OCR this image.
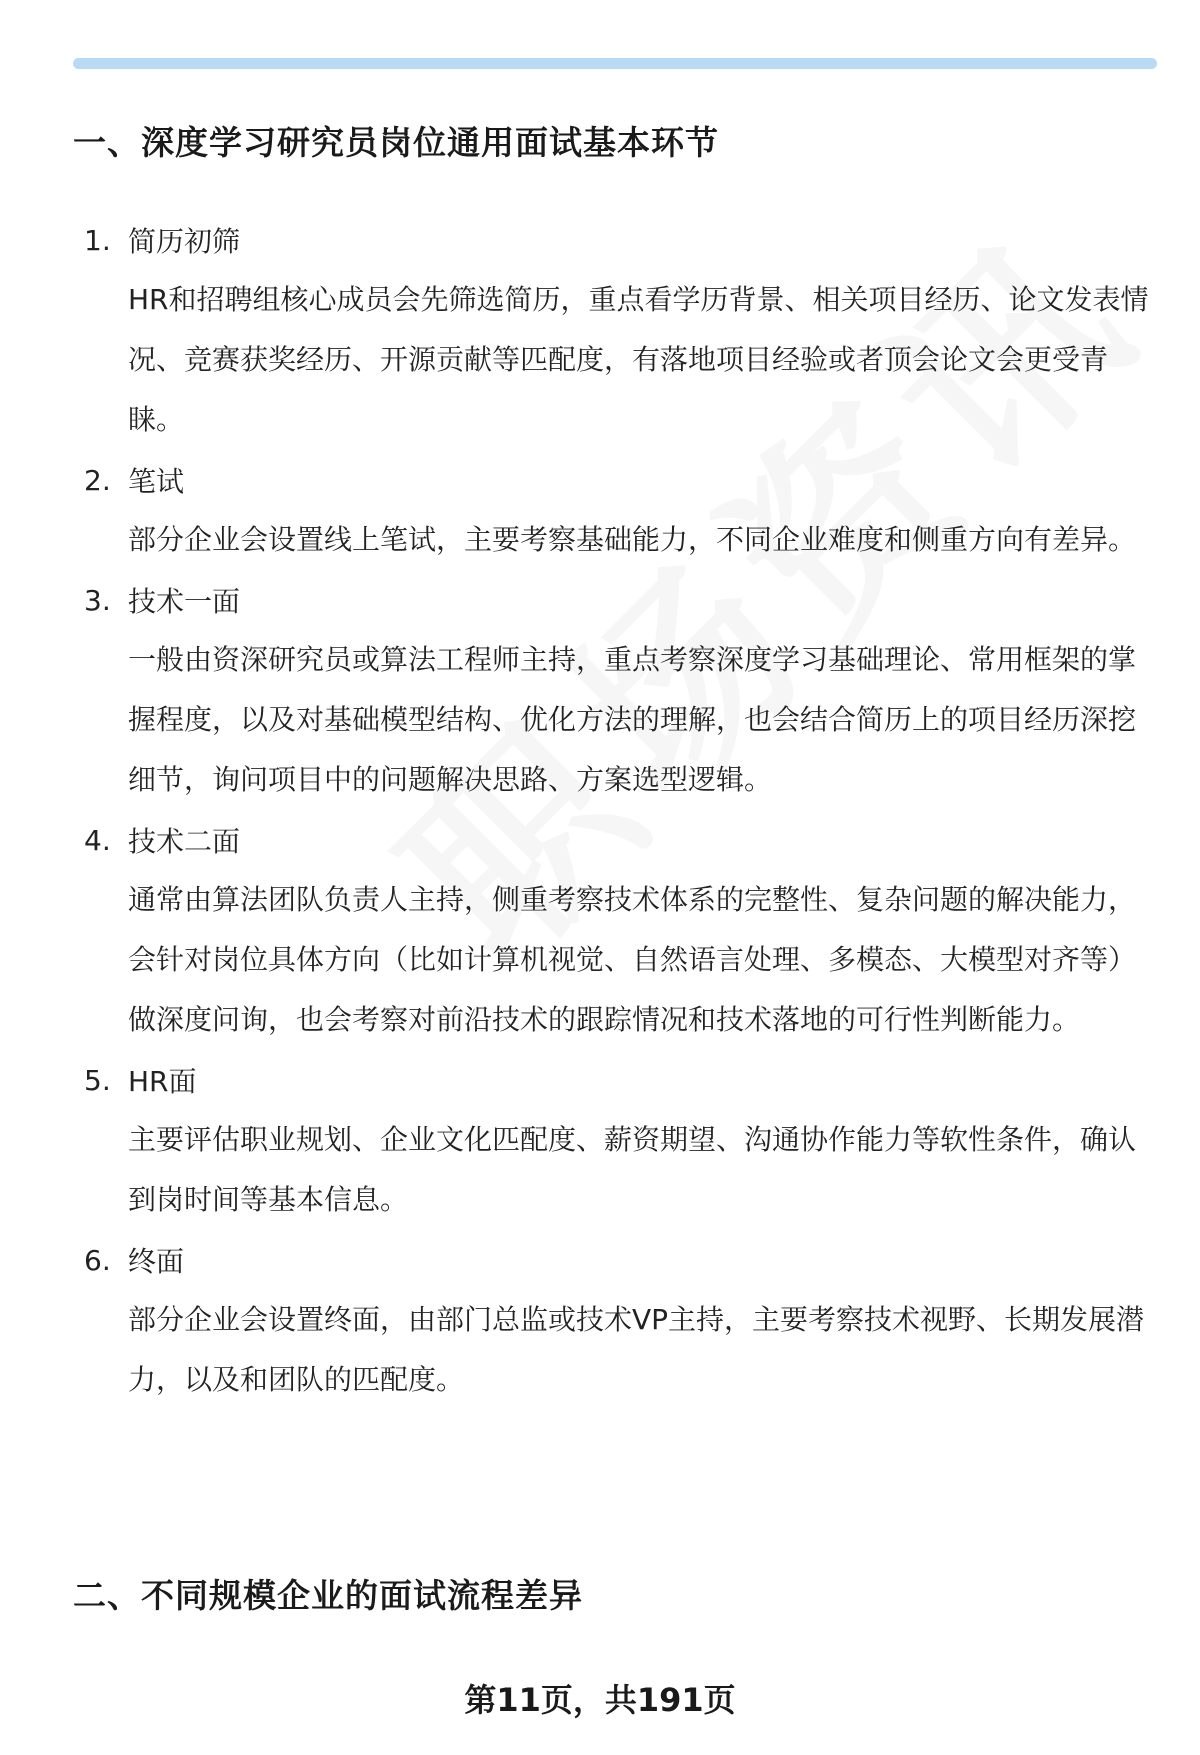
一、深度学习研究员岗位通用面试基本环节
1. 简历初筛

HR和招聘组核心成员会先筛选简历，重点看学历背景、相关项目经历、论文发表情况、竞赛获奖经历、开源贡献等匹配度，有落地项目经验或者顶会论文会更受青睐。

2. 笔试

部分企业会设置线上笔试，主要考察基础能力，不同企业难度和侧重方向有差异。

3. 技术一面

一般由资深研究员或算法工程师主持，重点考察深度学习基础理论、常用框架的掌握程度，以及对基础模型结构、优化方法的理解，也会结合简历上的项目经历深挖细节，询问项目中的问题解决思路、方案选型逻辑。

4. 技术二面

通常由算法团队负责人主持，侧重考察技术体系的完整性、复杂问题的解决能力，会针对岗位具体方向（比如计算机视觉、自然语言处理、多模态、大模型对齐等）做深度问询，也会考察对前沿技术的跟踪情况和技术落地的可行性判断能力。

5. HR面

主要评估职业规划、企业文化匹配度、薪资期望、沟通协作能力等软性条件，确认到岗时间等基本信息。

6. 终面

部分企业会设置终面，由部门总监或技术VP主持，主要考察技术视野、长期发展潜力，以及和团队的匹配度。

二、不同规模企业的面试流程差异
第11页，共191页
